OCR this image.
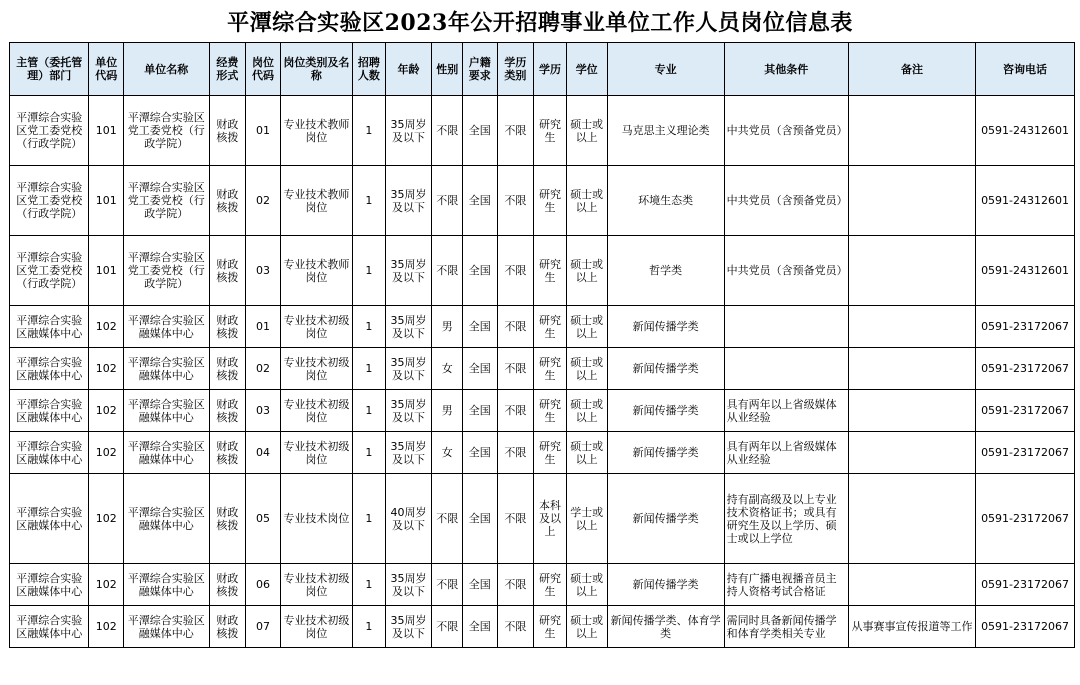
平潭综合实验区2023年公开招聘事业单位工作人员岗位信息表
主管（委托管理）部门	单位代码	单位名称	经费形式	岗位代码	岗位类别及名称	招聘人数	年龄	性别	户籍要求	学历类别	学历	学位	专业	其他条件	备注	咨询电话
平潭综合实验区党工委党校（行政学院）	101	平潭综合实验区党工委党校（行政学院）	财政核拨	01	专业技术教师岗位	1	35周岁及以下	不限	全国	不限	研究生	硕士或以上	马克思主义理论类	中共党员（含预备党员）		0591-24312601
平潭综合实验区党工委党校（行政学院）	101	平潭综合实验区党工委党校（行政学院）	财政核拨	02	专业技术教师岗位	1	35周岁及以下	不限	全国	不限	研究生	硕士或以上	环境生态类	中共党员（含预备党员）		0591-24312601
平潭综合实验区党工委党校（行政学院）	101	平潭综合实验区党工委党校（行政学院）	财政核拨	03	专业技术教师岗位	1	35周岁及以下	不限	全国	不限	研究生	硕士或以上	哲学类	中共党员（含预备党员）		0591-24312601
平潭综合实验区融媒体中心	102	平潭综合实验区融媒体中心	财政核拨	01	专业技术初级岗位	1	35周岁及以下	男	全国	不限	研究生	硕士或以上	新闻传播学类			0591-23172067
平潭综合实验区融媒体中心	102	平潭综合实验区融媒体中心	财政核拨	02	专业技术初级岗位	1	35周岁及以下	女	全国	不限	研究生	硕士或以上	新闻传播学类			0591-23172067
平潭综合实验区融媒体中心	102	平潭综合实验区融媒体中心	财政核拨	03	专业技术初级岗位	1	35周岁及以下	男	全国	不限	研究生	硕士或以上	新闻传播学类	具有两年以上省级媒体从业经验		0591-23172067
平潭综合实验区融媒体中心	102	平潭综合实验区融媒体中心	财政核拨	04	专业技术初级岗位	1	35周岁及以下	女	全国	不限	研究生	硕士或以上	新闻传播学类	具有两年以上省级媒体从业经验		0591-23172067
平潭综合实验区融媒体中心	102	平潭综合实验区融媒体中心	财政核拨	05	专业技术岗位	1	40周岁及以下	不限	全国	不限	本科及以上	学士或以上	新闻传播学类	持有副高级及以上专业技术资格证书；或具有研究生及以上学历、硕士或以上学位		0591-23172067
平潭综合实验区融媒体中心	102	平潭综合实验区融媒体中心	财政核拨	06	专业技术初级岗位	1	35周岁及以下	不限	全国	不限	研究生	硕士或以上	新闻传播学类	持有广播电视播音员主持人资格考试合格证		0591-23172067
平潭综合实验区融媒体中心	102	平潭综合实验区融媒体中心	财政核拨	07	专业技术初级岗位	1	35周岁及以下	不限	全国	不限	研究生	硕士或以上	新闻传播学类、体育学类	需同时具备新闻传播学和体育学类相关专业	从事赛事宣传报道等工作	0591-23172067
